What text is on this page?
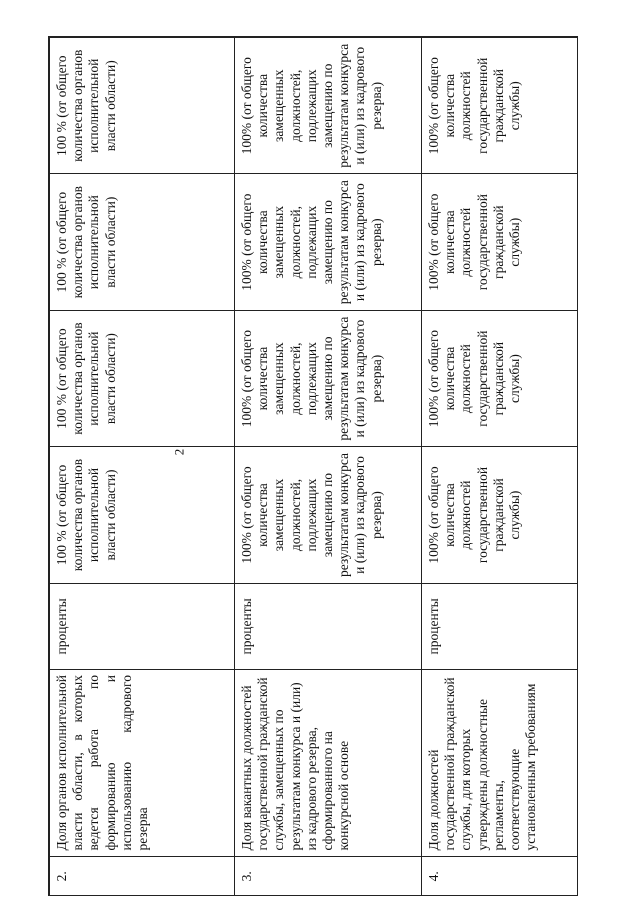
2
2.	Доля органов исполнительной власти области, в которых ведется работа по формированию и использованию кадрового резерва	проценты	100 % (от общего количества органов исполнительной власти области)	100 % (от общего количества органов исполнительной власти области)	100 % (от общего количества органов исполнительной власти области)	100 % (от общего количества органов исполнительной власти области)
3.	Доля вакантных должностей государственной гражданской службы, замещенных по результатам конкурса и (или) из кадрового резерва, сформированного на конкурсной основе	проценты	100% (от общего количества замещенных должностей, подлежащих замещению по результатам конкурса и (или) из кадрового резерва)	100% (от общего количества замещенных должностей, подлежащих замещению по результатам конкурса и (или) из кадрового резерва)	100% (от общего количества замещенных должностей, подлежащих замещению по результатам конкурса и (или) из кадрового резерва)	100% (от общего количества замещенных должностей, подлежащих замещению по результатам конкурса и (или) из кадрового резерва)
4.	Доля должностей государственной гражданской службы, для которых утверждены должностные регламенты, соответствующие установленным требованиям	проценты	100% (от общего количества должностей государственной гражданской службы)	100% (от общего количества должностей государственной гражданской службы)	100% (от общего количества должностей государственной гражданской службы)	100% (от общего количества должностей государственной гражданской службы)
